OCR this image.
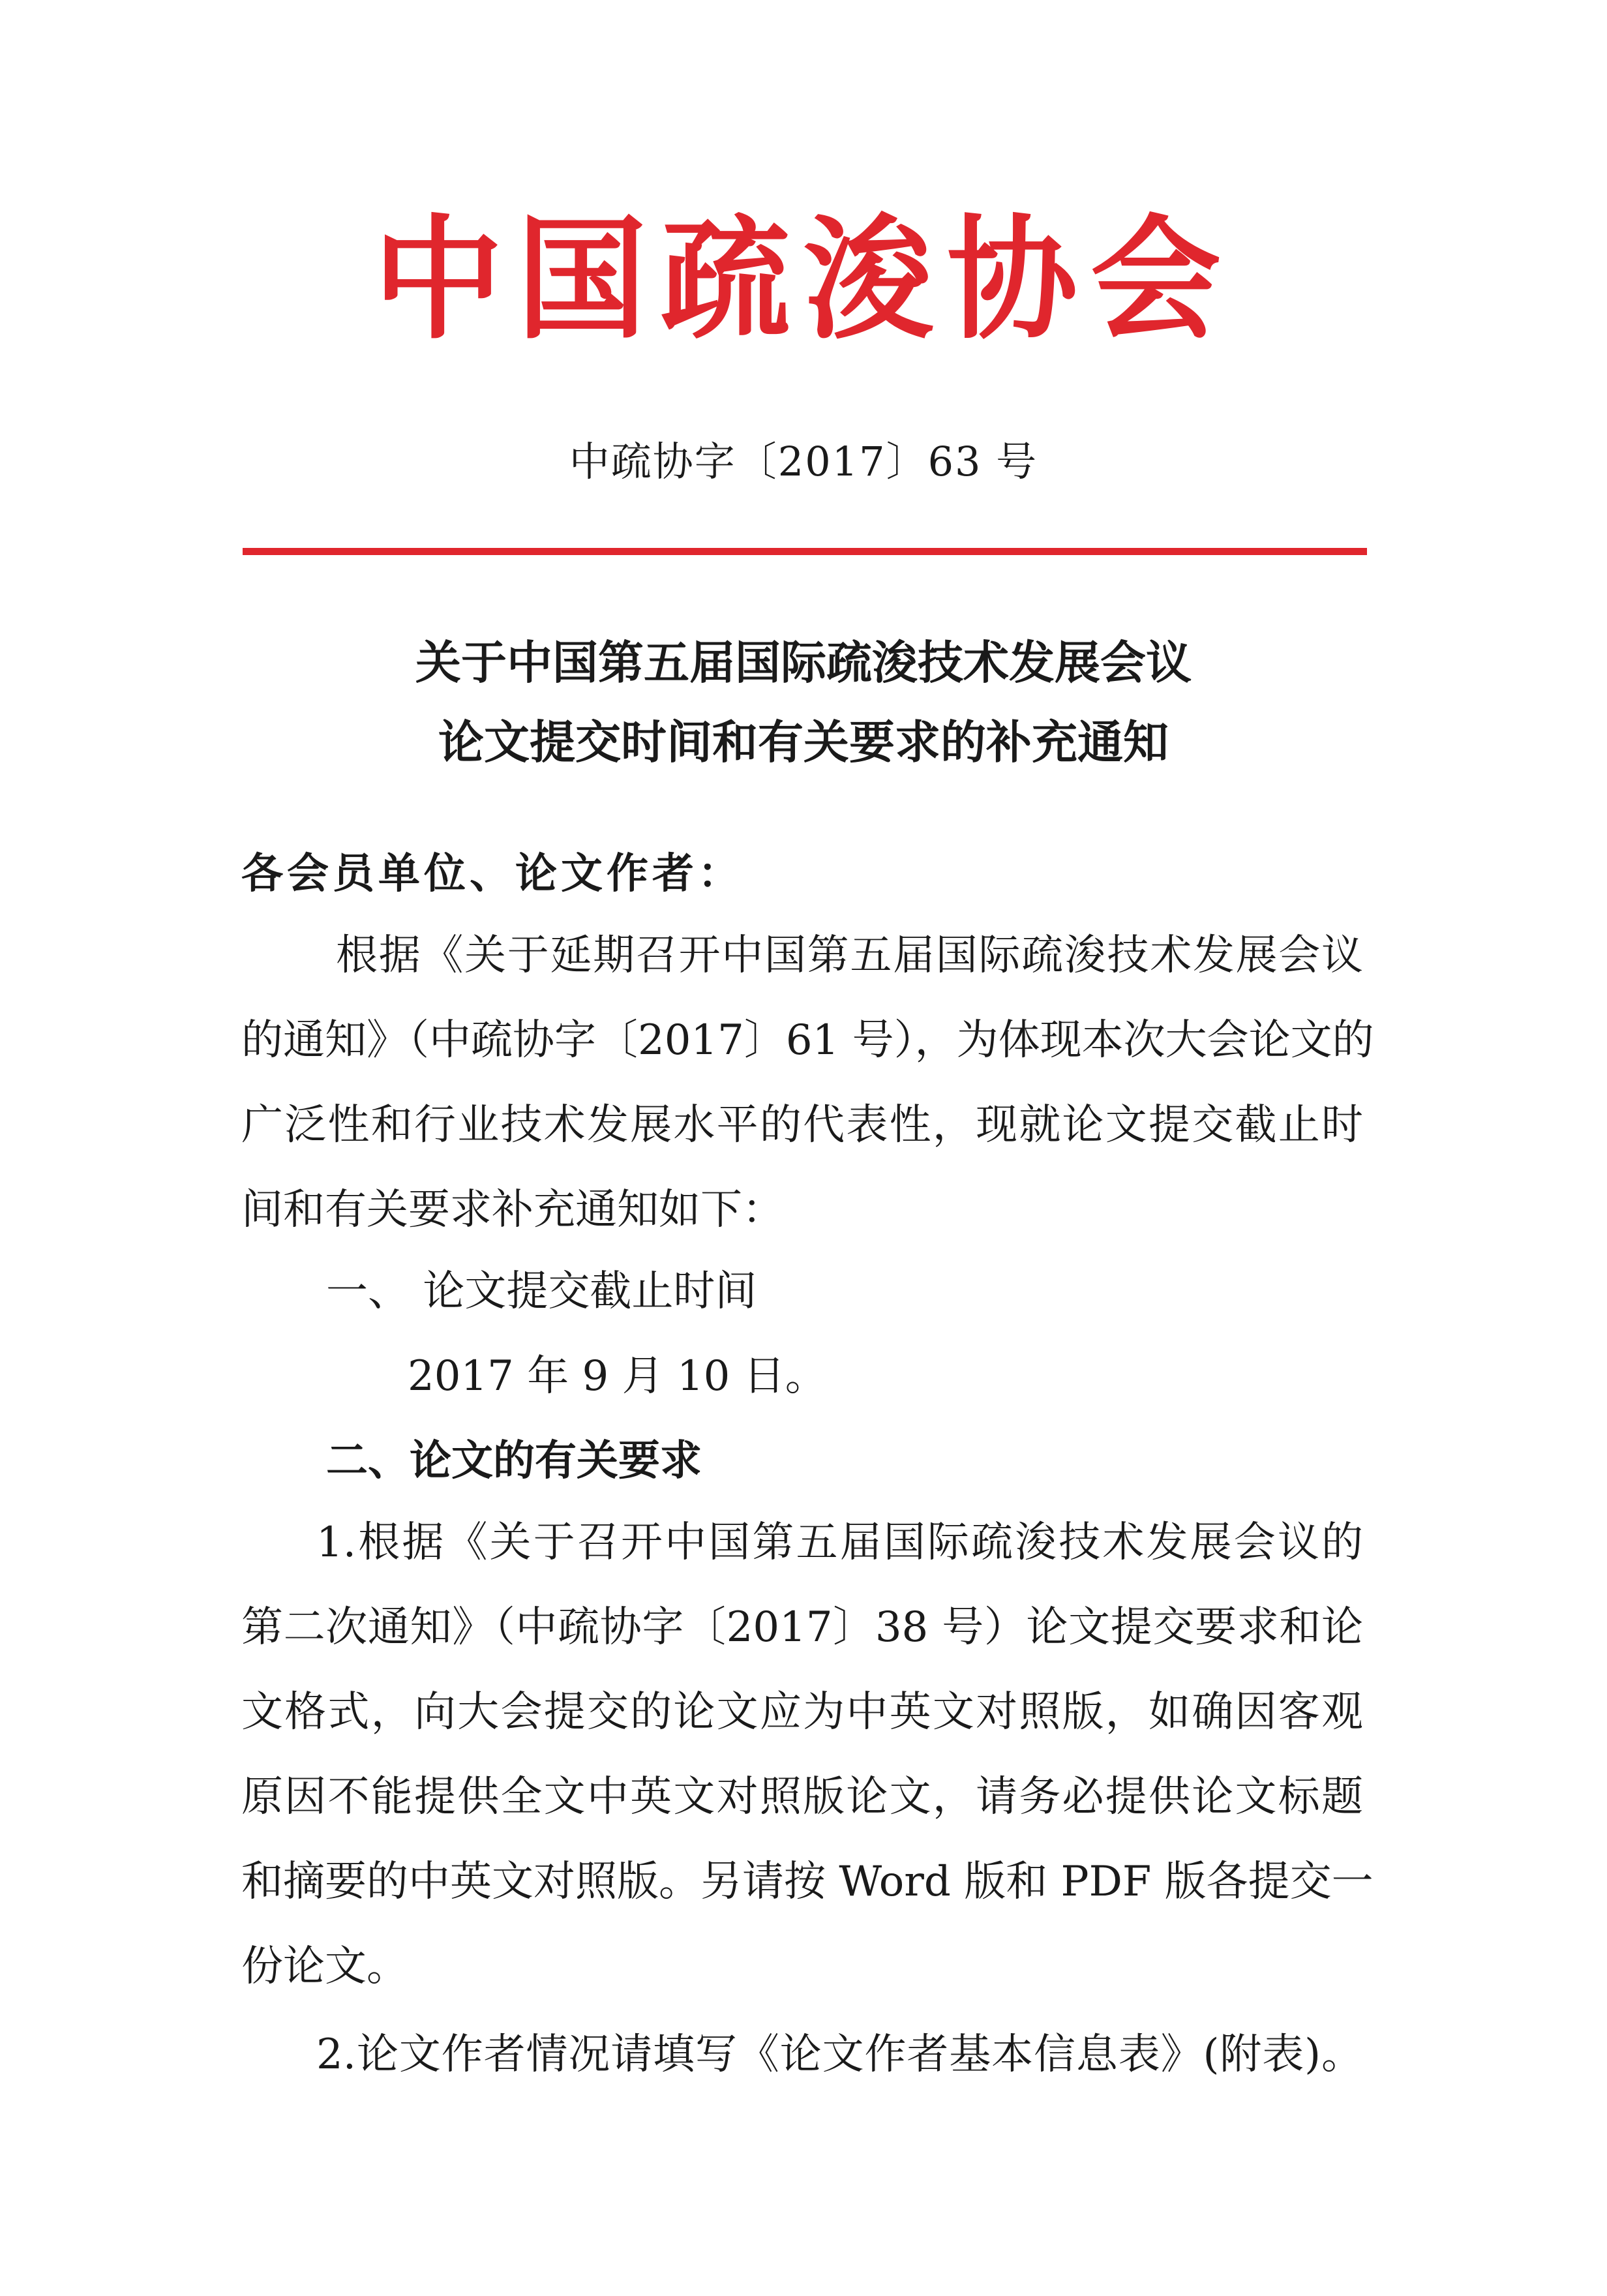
中国疏浚协会
中疏协字〔2017〕63 号
关于中国第五届国际疏浚技术发展会议
论文提交时间和有关要求的补充通知
各会员单位、论文作者：
根据《关于延期召开中国第五届国际疏浚技术发展会议
的通知》（中疏协字〔2017〕61 号），为体现本次大会论文的
广泛性和行业技术发展水平的代表性，现就论文提交截止时
间和有关要求补充通知如下：
一、 论文提交截止时间
2017 年 9 月 10 日。
二、论文的有关要求
1.根据《关于召开中国第五届国际疏浚技术发展会议的
第二次通知》（中疏协字〔2017〕38 号）论文提交要求和论
文格式，向大会提交的论文应为中英文对照版，如确因客观
原因不能提供全文中英文对照版论文，请务必提供论文标题
和摘要的中英文对照版。另请按 Word 版和 PDF 版各提交一
份论文。
2.论文作者情况请填写《论文作者基本信息表》(附表)。
